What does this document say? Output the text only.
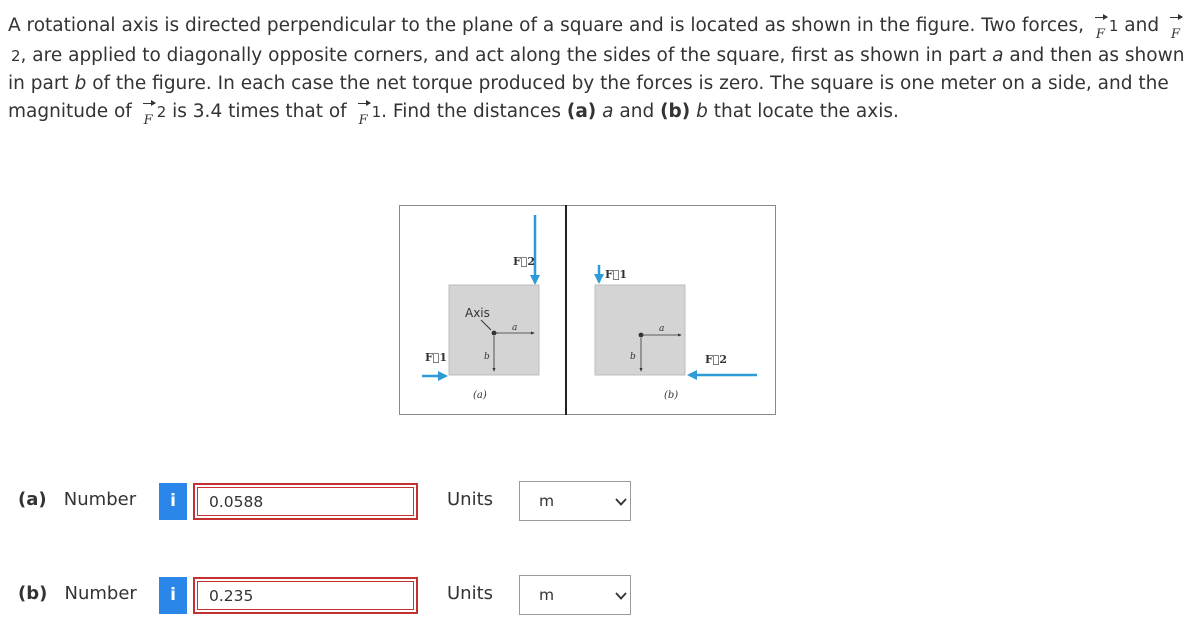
A rotational axis is directed perpendicular to the plane of a square and is located as shown in the figure. Two forces, F 1 and F2, are applied to diagonally opposite corners, and act along the sides of the square, first as shown in part a and then as shown in part b of the figure. In each case the net torque produced by the forces is zero. The square is one meter on a side, and the magnitude of F 2 is 3.4 times that of F 1. Find the distances (a) a and (b) b that locate the axis.

F⃗2
F⃗1
Axis
a
b
(a)
F⃗1
F⃗2
a
b
(b)
(a) Number	i	0.0588	Units	m
(b) Number	i	0.235	Units	m
